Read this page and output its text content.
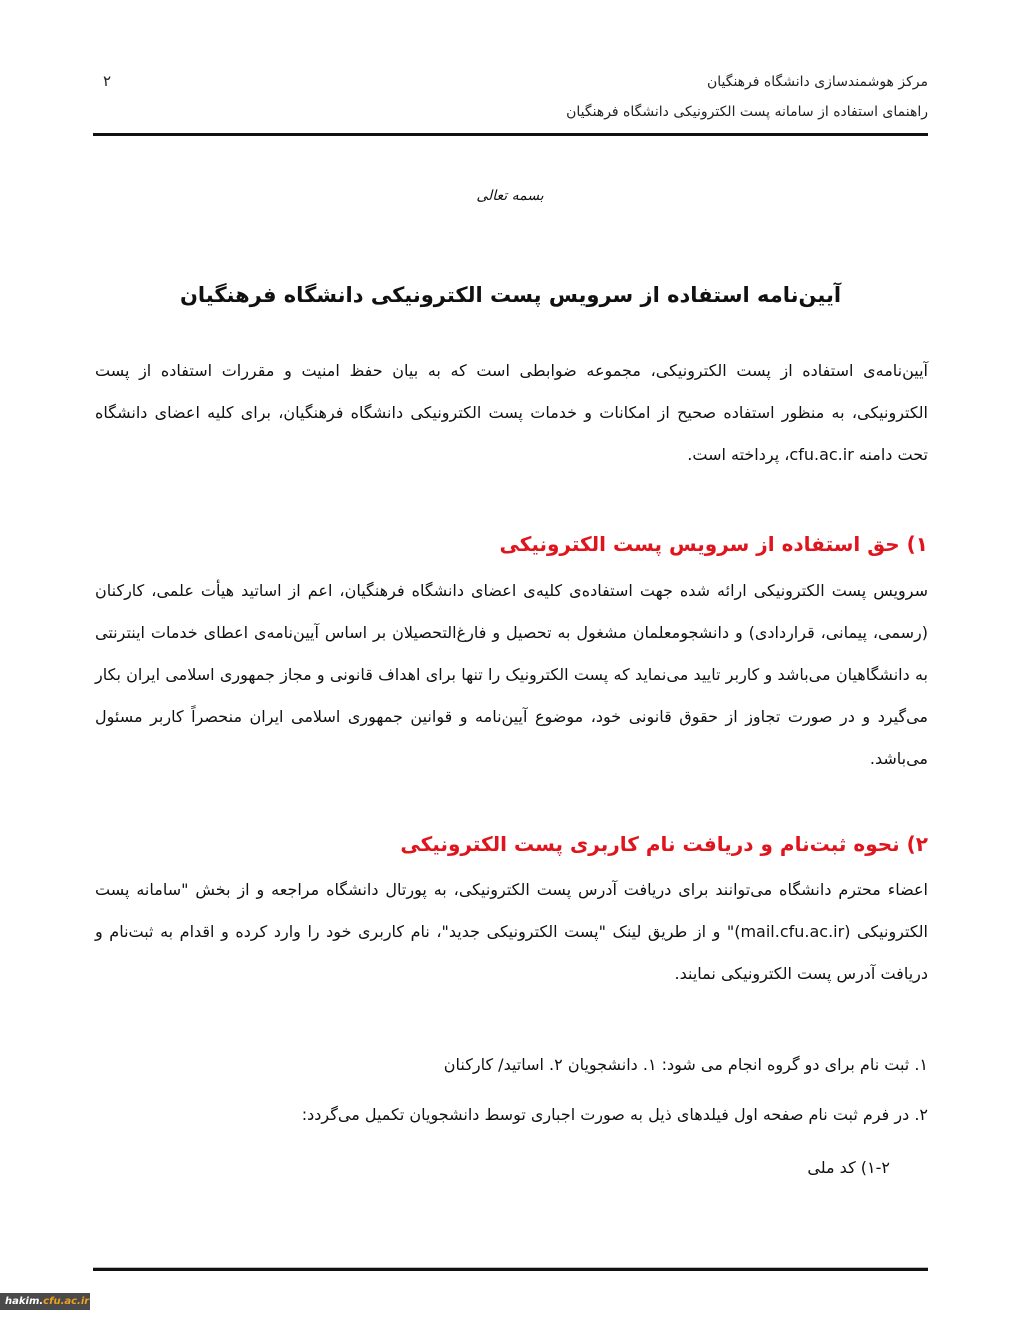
مرکز هوشمندسازی دانشگاه فرهنگیان
راهنمای استفاده از سامانه پست الکترونیکی دانشگاه فرهنگیان
۲
بسمه تعالی
آیین‌نامه استفاده از سرویس پست الکترونیکی دانشگاه فرهنگیان
آیین‌نامه‌ی استفاده از پست الکترونیکی، مجموعه ضوابطی است که به بیان حفظ امنیت و مقررات استفاده از پست الکترونیکی، به منظور استفاده صحیح از امکانات و خدمات پست الکترونیکی دانشگاه فرهنگیان، برای کلیه اعضای دانشگاه تحت دامنه cfu.ac.ir، پرداخته است.
۱) حق استفاده از سرویس پست الکترونیکی
سرویس پست الکترونیکی ارائه شده جهت استفاده‌ی کلیه‌ی اعضای دانشگاه فرهنگیان، اعم از اساتید هیأت علمی، کارکنان (رسمی، پیمانی، قراردادی) و دانشجومعلمان مشغول به تحصیل و فارغ‌التحصیلان بر اساس آیین‌نامه‌ی اعطای خدمات اینترنتی به دانشگاهیان می‌باشد و کاربر تایید می‌نماید که پست الکترونیک را تنها برای اهداف قانونی و مجاز جمهوری اسلامی ایران بکار می‌گیرد و در صورت تجاوز از حقوق قانونی خود، موضوع آیین‌نامه و قوانین جمهوری اسلامی ایران منحصراً کاربر مسئول می‌باشد.
۲) نحوه ثبت‌نام و دریافت نام کاربری پست الکترونیکی
اعضاء محترم دانشگاه می‌توانند برای دریافت آدرس پست الکترونیکی، به پورتال دانشگاه مراجعه و از بخش "سامانه پست الکترونیکی (mail.cfu.ac.ir)" و از طریق لینک "پست الکترونیکی جدید"، نام کاربری خود را وارد کرده و اقدام به ثبت‌نام و دریافت آدرس پست الکترونیکی نمایند.
۱. ثبت نام برای دو گروه انجام می شود: ۱. دانشجویان ۲. اساتید/ کارکنان
۲. در فرم ثبت نام صفحه اول فیلدهای ذیل به صورت اجباری توسط دانشجویان تکمیل می‌گردد:
۱-۲) کد ملی
hakim.cfu.ac.ir
